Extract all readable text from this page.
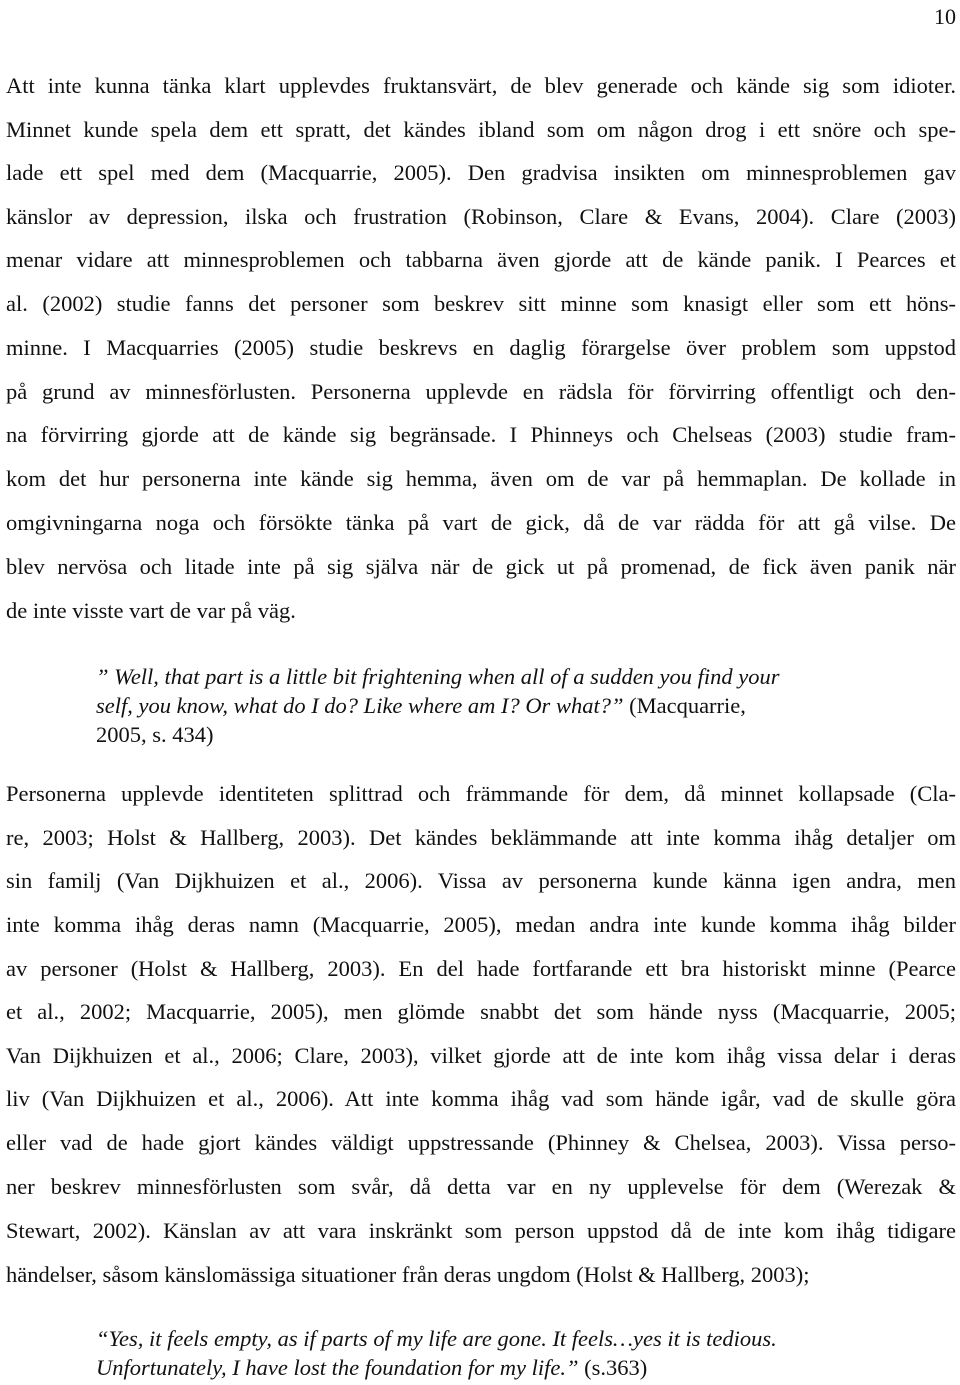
10
Att inte kunna tänka klart upplevdes fruktansvärt, de blev generade och kände sig som idioter.
Minnet kunde spela dem ett spratt, det kändes ibland som om någon drog i ett snöre och spe-
lade ett spel med dem (Macquarrie, 2005). Den gradvisa insikten om minnesproblemen gav
känslor av depression, ilska och frustration (Robinson, Clare & Evans, 2004). Clare (2003)
menar vidare att minnesproblemen och tabbarna även gjorde att de kände panik. I Pearces et
al. (2002) studie fanns det personer som beskrev sitt minne som knasigt eller som ett höns-
minne. I Macquarries (2005) studie beskrevs en daglig förargelse över problem som uppstod
på grund av minnesförlusten. Personerna upplevde en rädsla för förvirring offentligt och den-
na förvirring gjorde att de kände sig begränsade. I Phinneys och Chelseas (2003) studie fram-
kom det hur personerna inte kände sig hemma, även om de var på hemmaplan. De kollade in
omgivningarna noga och försökte tänka på vart de gick, då de var rädda för att gå vilse. De
blev nervösa och litade inte på sig själva när de gick ut på promenad, de fick även panik när
de inte visste vart de var på väg.
” Well, that part is a little bit frightening when all of a sudden you find your
self, you know, what do I do? Like where am I? Or what?” (Macquarrie,
2005, s. 434)
Personerna upplevde identiteten splittrad och främmande för dem, då minnet kollapsade (Cla-
re, 2003; Holst & Hallberg, 2003). Det kändes beklämmande att inte komma ihåg detaljer om
sin familj (Van Dijkhuizen et al., 2006). Vissa av personerna kunde känna igen andra, men
inte komma ihåg deras namn (Macquarrie, 2005), medan andra inte kunde komma ihåg bilder
av personer (Holst & Hallberg, 2003). En del hade fortfarande ett bra historiskt minne (Pearce
et al., 2002; Macquarrie, 2005), men glömde snabbt det som hände nyss (Macquarrie, 2005;
Van Dijkhuizen et al., 2006; Clare, 2003), vilket gjorde att de inte kom ihåg vissa delar i deras
liv (Van Dijkhuizen et al., 2006). Att inte komma ihåg vad som hände igår, vad de skulle göra
eller vad de hade gjort kändes väldigt uppstressande (Phinney & Chelsea, 2003). Vissa perso-
ner beskrev minnesförlusten som svår, då detta var en ny upplevelse för dem (Werezak &
Stewart, 2002). Känslan av att vara inskränkt som person uppstod då de inte kom ihåg tidigare
händelser, såsom känslomässiga situationer från deras ungdom (Holst & Hallberg, 2003);
“Yes, it feels empty, as if parts of my life are gone. It feels…yes it is tedious.
Unfortunately, I have lost the foundation for my life.” (s.363)
